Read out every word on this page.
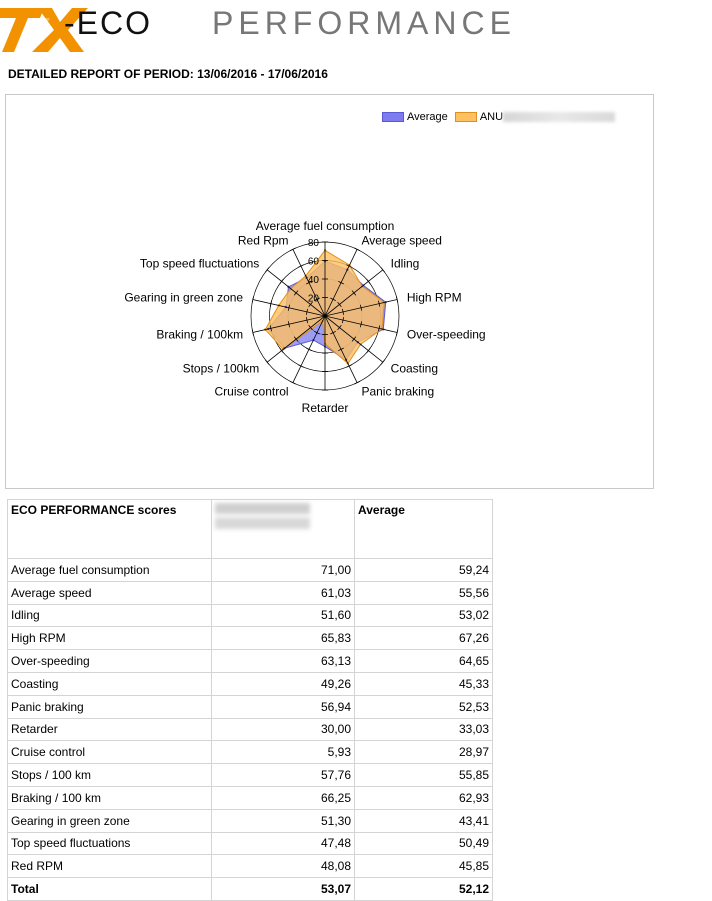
-ECO PERFORMANCE
DETAILED REPORT OF PERIOD: 13/06/2016 - 17/06/2016
Average	ANU
20
40
60
80
Average fuel consumption
Average speed
Idling
High RPM
Over-speeding
Coasting
Panic braking
Retarder
Cruise control
Stops / 100km
Braking / 100km
Gearing in green zone
Top speed fluctuations
Red Rpm
ECO PERFORMANCE scores		Average
Average fuel consumption	71,00	59,24
Average speed	61,03	55,56
Idling	51,60	53,02
High RPM	65,83	67,26
Over-speeding	63,13	64,65
Coasting	49,26	45,33
Panic braking	56,94	52,53
Retarder	30,00	33,03
Cruise control	5,93	28,97
Stops / 100 km	57,76	55,85
Braking / 100 km	66,25	62,93
Gearing in green zone	51,30	43,41
Top speed fluctuations	47,48	50,49
Red RPM	48,08	45,85
Total	53,07	52,12
